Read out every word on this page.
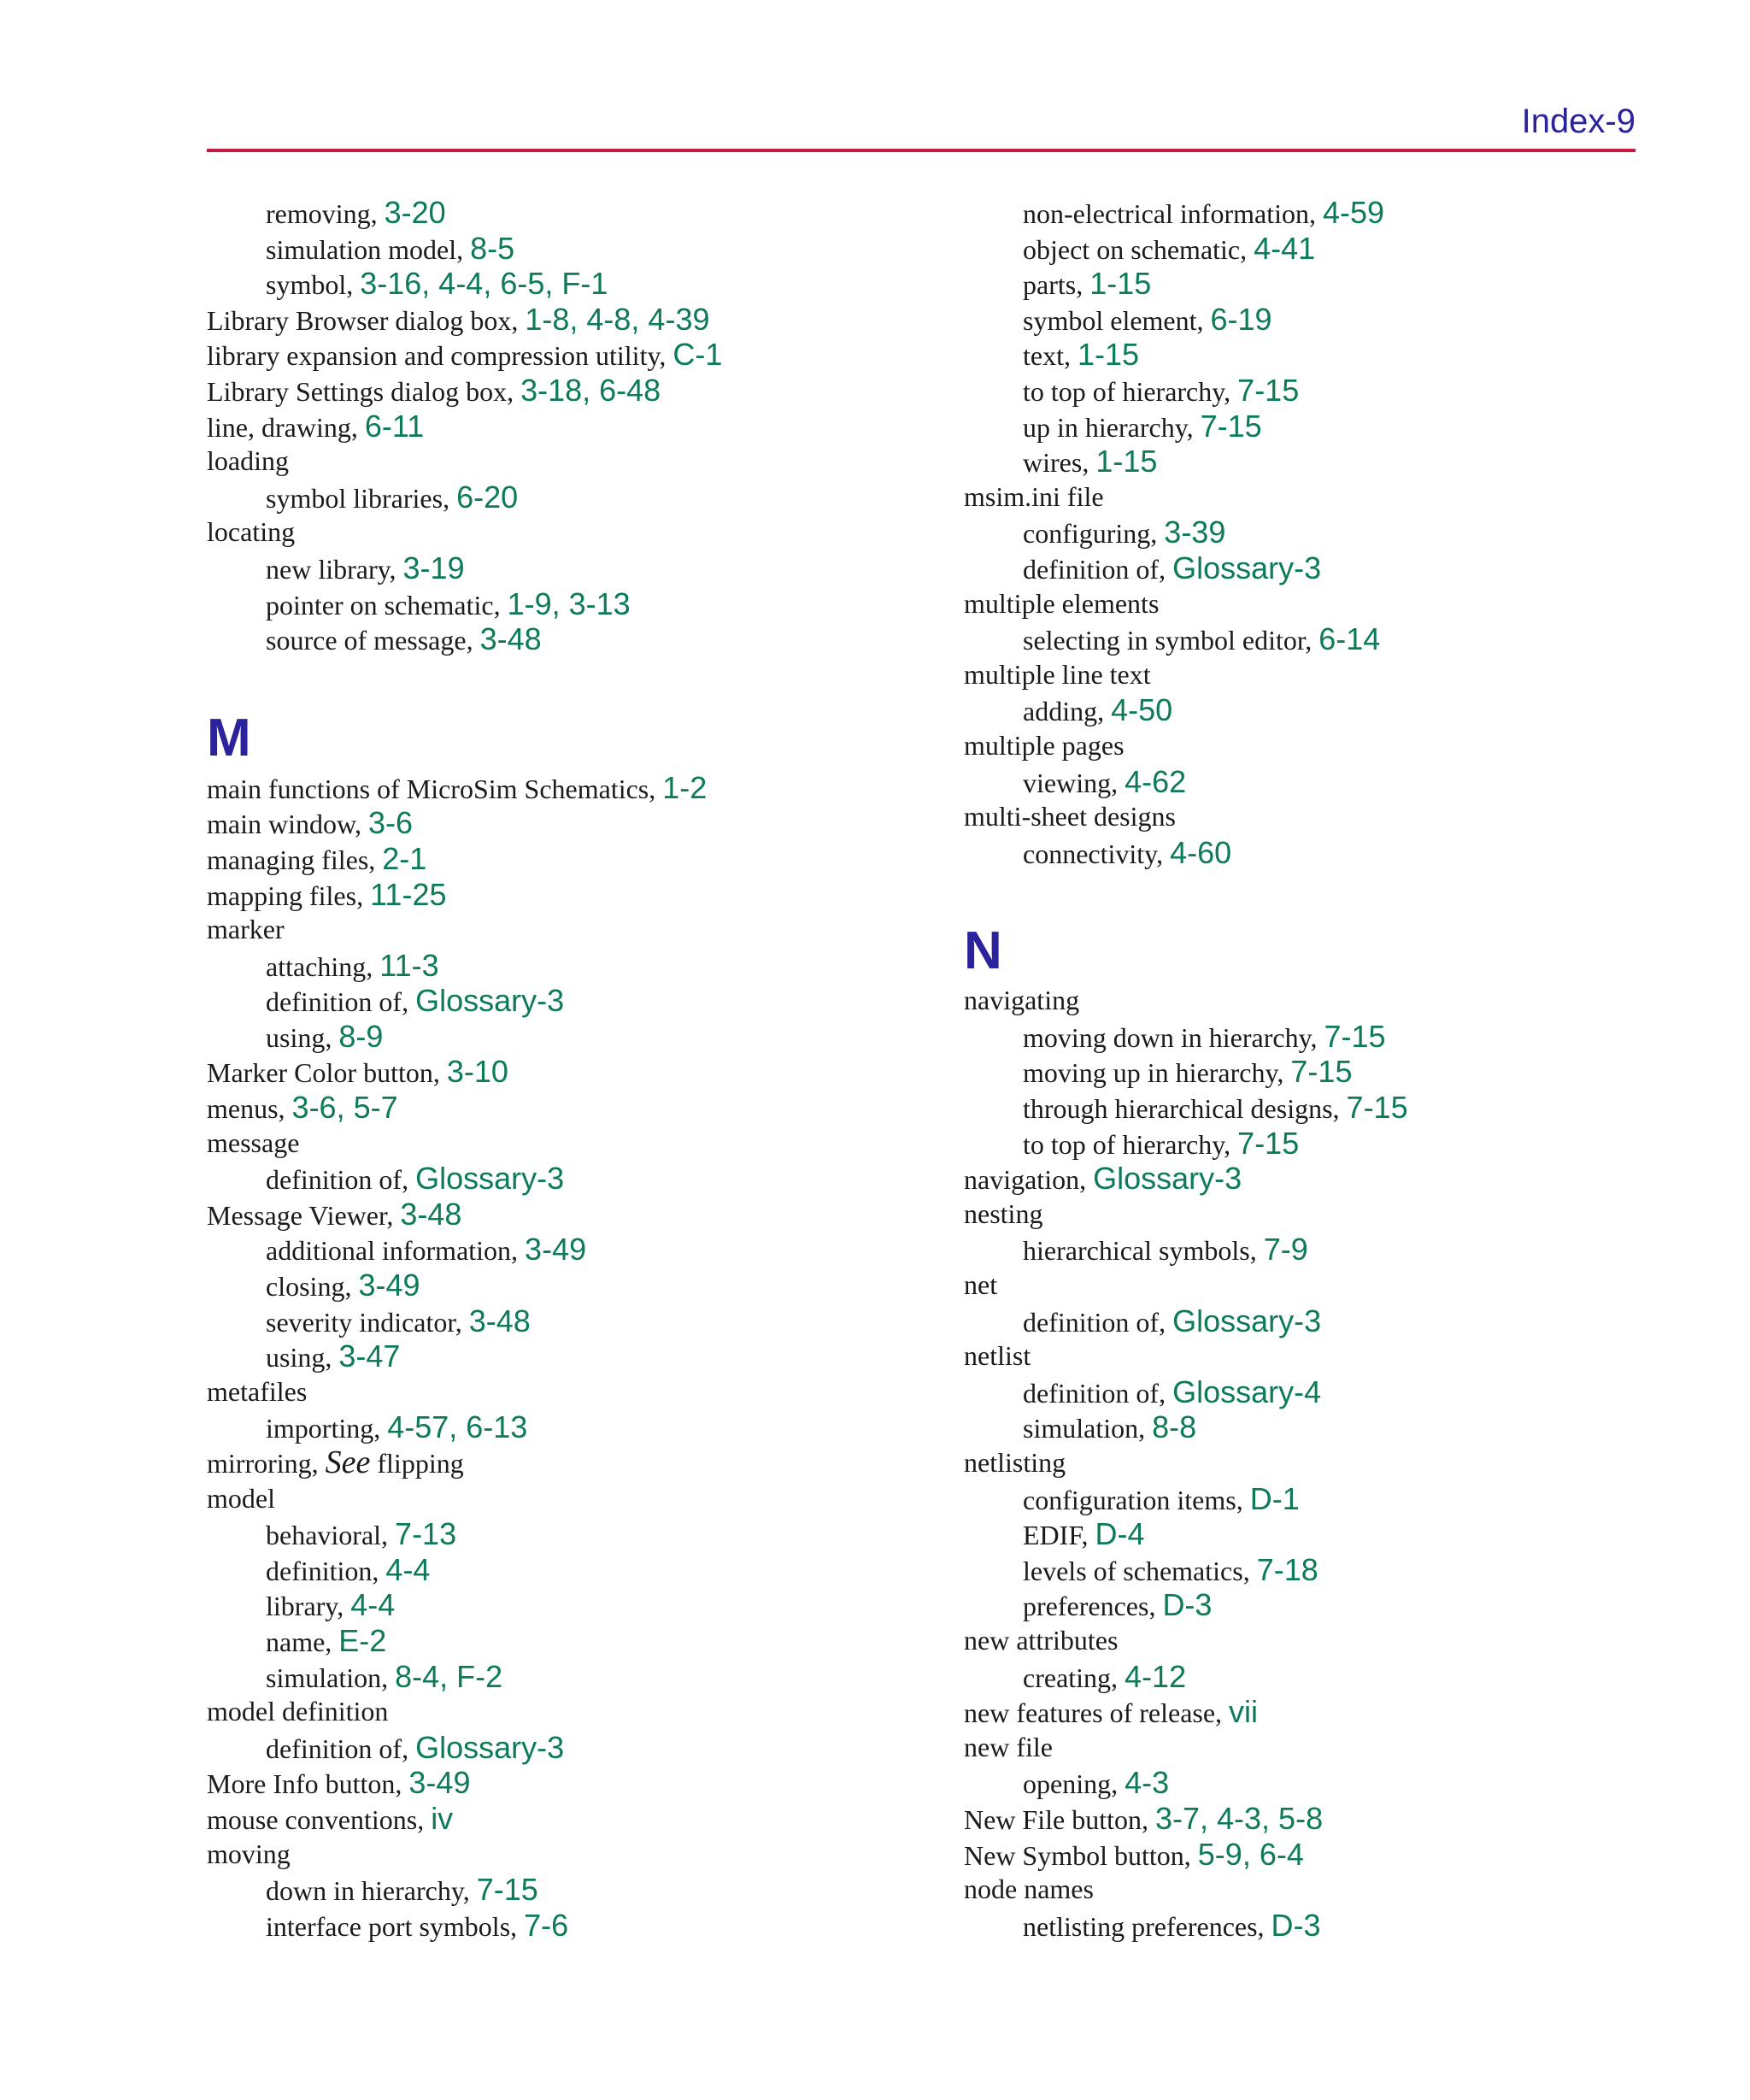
Index-9
removing, 3-20
simulation model, 8-5
symbol, 3-16, 4-4, 6-5, F-1
Library Browser dialog box, 1-8, 4-8, 4-39
library expansion and compression utility, C-1
Library Settings dialog box, 3-18, 6-48
line, drawing, 6-11
loading
symbol libraries, 6-20
locating
new library, 3-19
pointer on schematic, 1-9, 3-13
source of message, 3-48
M
main functions of MicroSim Schematics, 1-2
main window, 3-6
managing files, 2-1
mapping files, 11-25
marker
attaching, 11-3
definition of, Glossary-3
using, 8-9
Marker Color button, 3-10
menus, 3-6, 5-7
message
definition of, Glossary-3
Message Viewer, 3-48
additional information, 3-49
closing, 3-49
severity indicator, 3-48
using, 3-47
metafiles
importing, 4-57, 6-13
mirroring, See flipping
model
behavioral, 7-13
definition, 4-4
library, 4-4
name, E-2
simulation, 8-4, F-2
model definition
definition of, Glossary-3
More Info button, 3-49
mouse conventions, iv
moving
down in hierarchy, 7-15
interface port symbols, 7-6
non-electrical information, 4-59
object on schematic, 4-41
parts, 1-15
symbol element, 6-19
text, 1-15
to top of hierarchy, 7-15
up in hierarchy, 7-15
wires, 1-15
msim.ini file
configuring, 3-39
definition of, Glossary-3
multiple elements
selecting in symbol editor, 6-14
multiple line text
adding, 4-50
multiple pages
viewing, 4-62
multi-sheet designs
connectivity, 4-60
N
navigating
moving down in hierarchy, 7-15
moving up in hierarchy, 7-15
through hierarchical designs, 7-15
to top of hierarchy, 7-15
navigation, Glossary-3
nesting
hierarchical symbols, 7-9
net
definition of, Glossary-3
netlist
definition of, Glossary-4
simulation, 8-8
netlisting
configuration items, D-1
EDIF, D-4
levels of schematics, 7-18
preferences, D-3
new attributes
creating, 4-12
new features of release, vii
new file
opening, 4-3
New File button, 3-7, 4-3, 5-8
New Symbol button, 5-9, 6-4
node names
netlisting preferences, D-3
